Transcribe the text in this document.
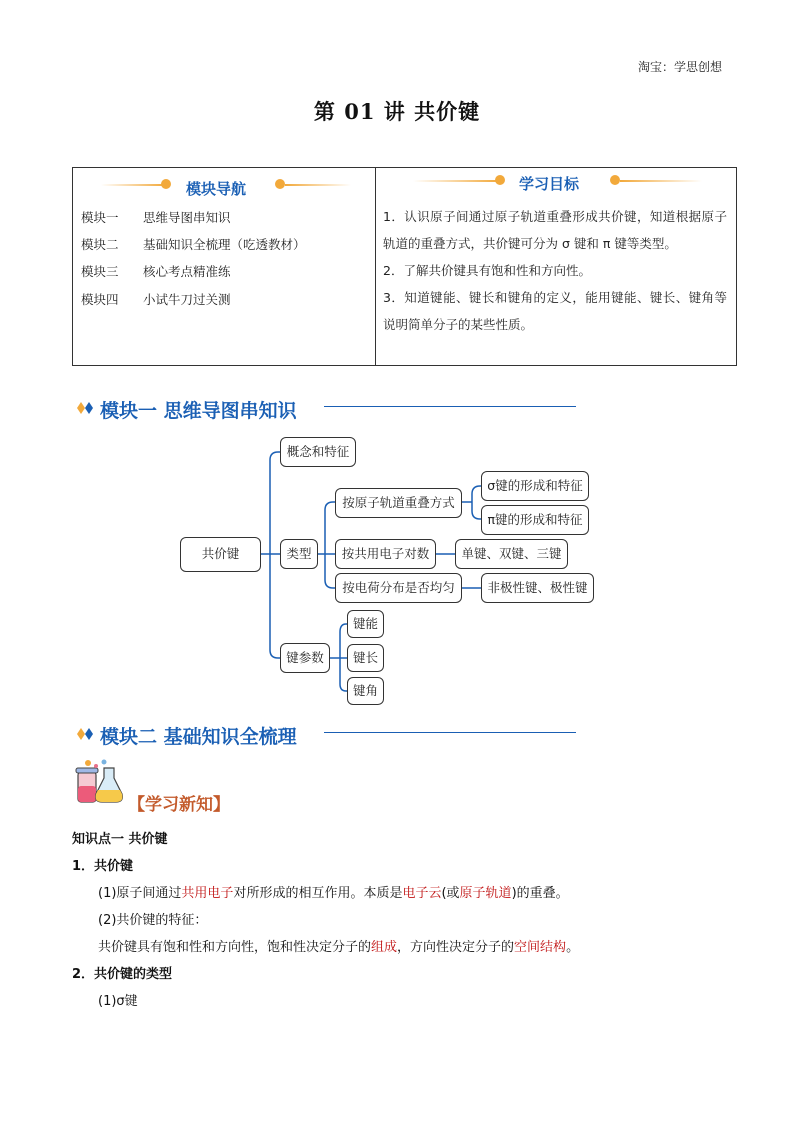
淘宝：学思创想
第 01 讲 共价键
模块导航
模块一 思维导图串知识
模块二 基础知识全梳理（吃透教材）
模块三 核心考点精准练
模块四 小试牛刀过关测
学习目标

1．认识原子间通过原子轨道重叠形成共价键，知道根据原子轨道的重叠方式，共价键可分为 σ 键和 π 键等类型。

2．了解共价键具有饱和性和方向性。

3．知道键能、键长和键角的定义，能用键能、键长、键角等说明简单分子的某些性质。

模块一 思维导图串知识
共价键
概念和特征
类型
按原子轨道重叠方式
σ键的形成和特征
π键的形成和特征
按共用电子对数	单键、双键、三键
按电荷分布是否均匀	非极性键、极性键
键参数
键能
键长
键角
模块二 基础知识全梳理
【学习新知】
知识点一 共价键
1．共价键
(1)原子间通过共用电子对所形成的相互作用。本质是电子云(或原子轨道)的重叠。
(2)共价键的特征：
共价键具有饱和性和方向性，饱和性决定分子的组成，方向性决定分子的空间结构。
2．共价键的类型
(1)σ键
